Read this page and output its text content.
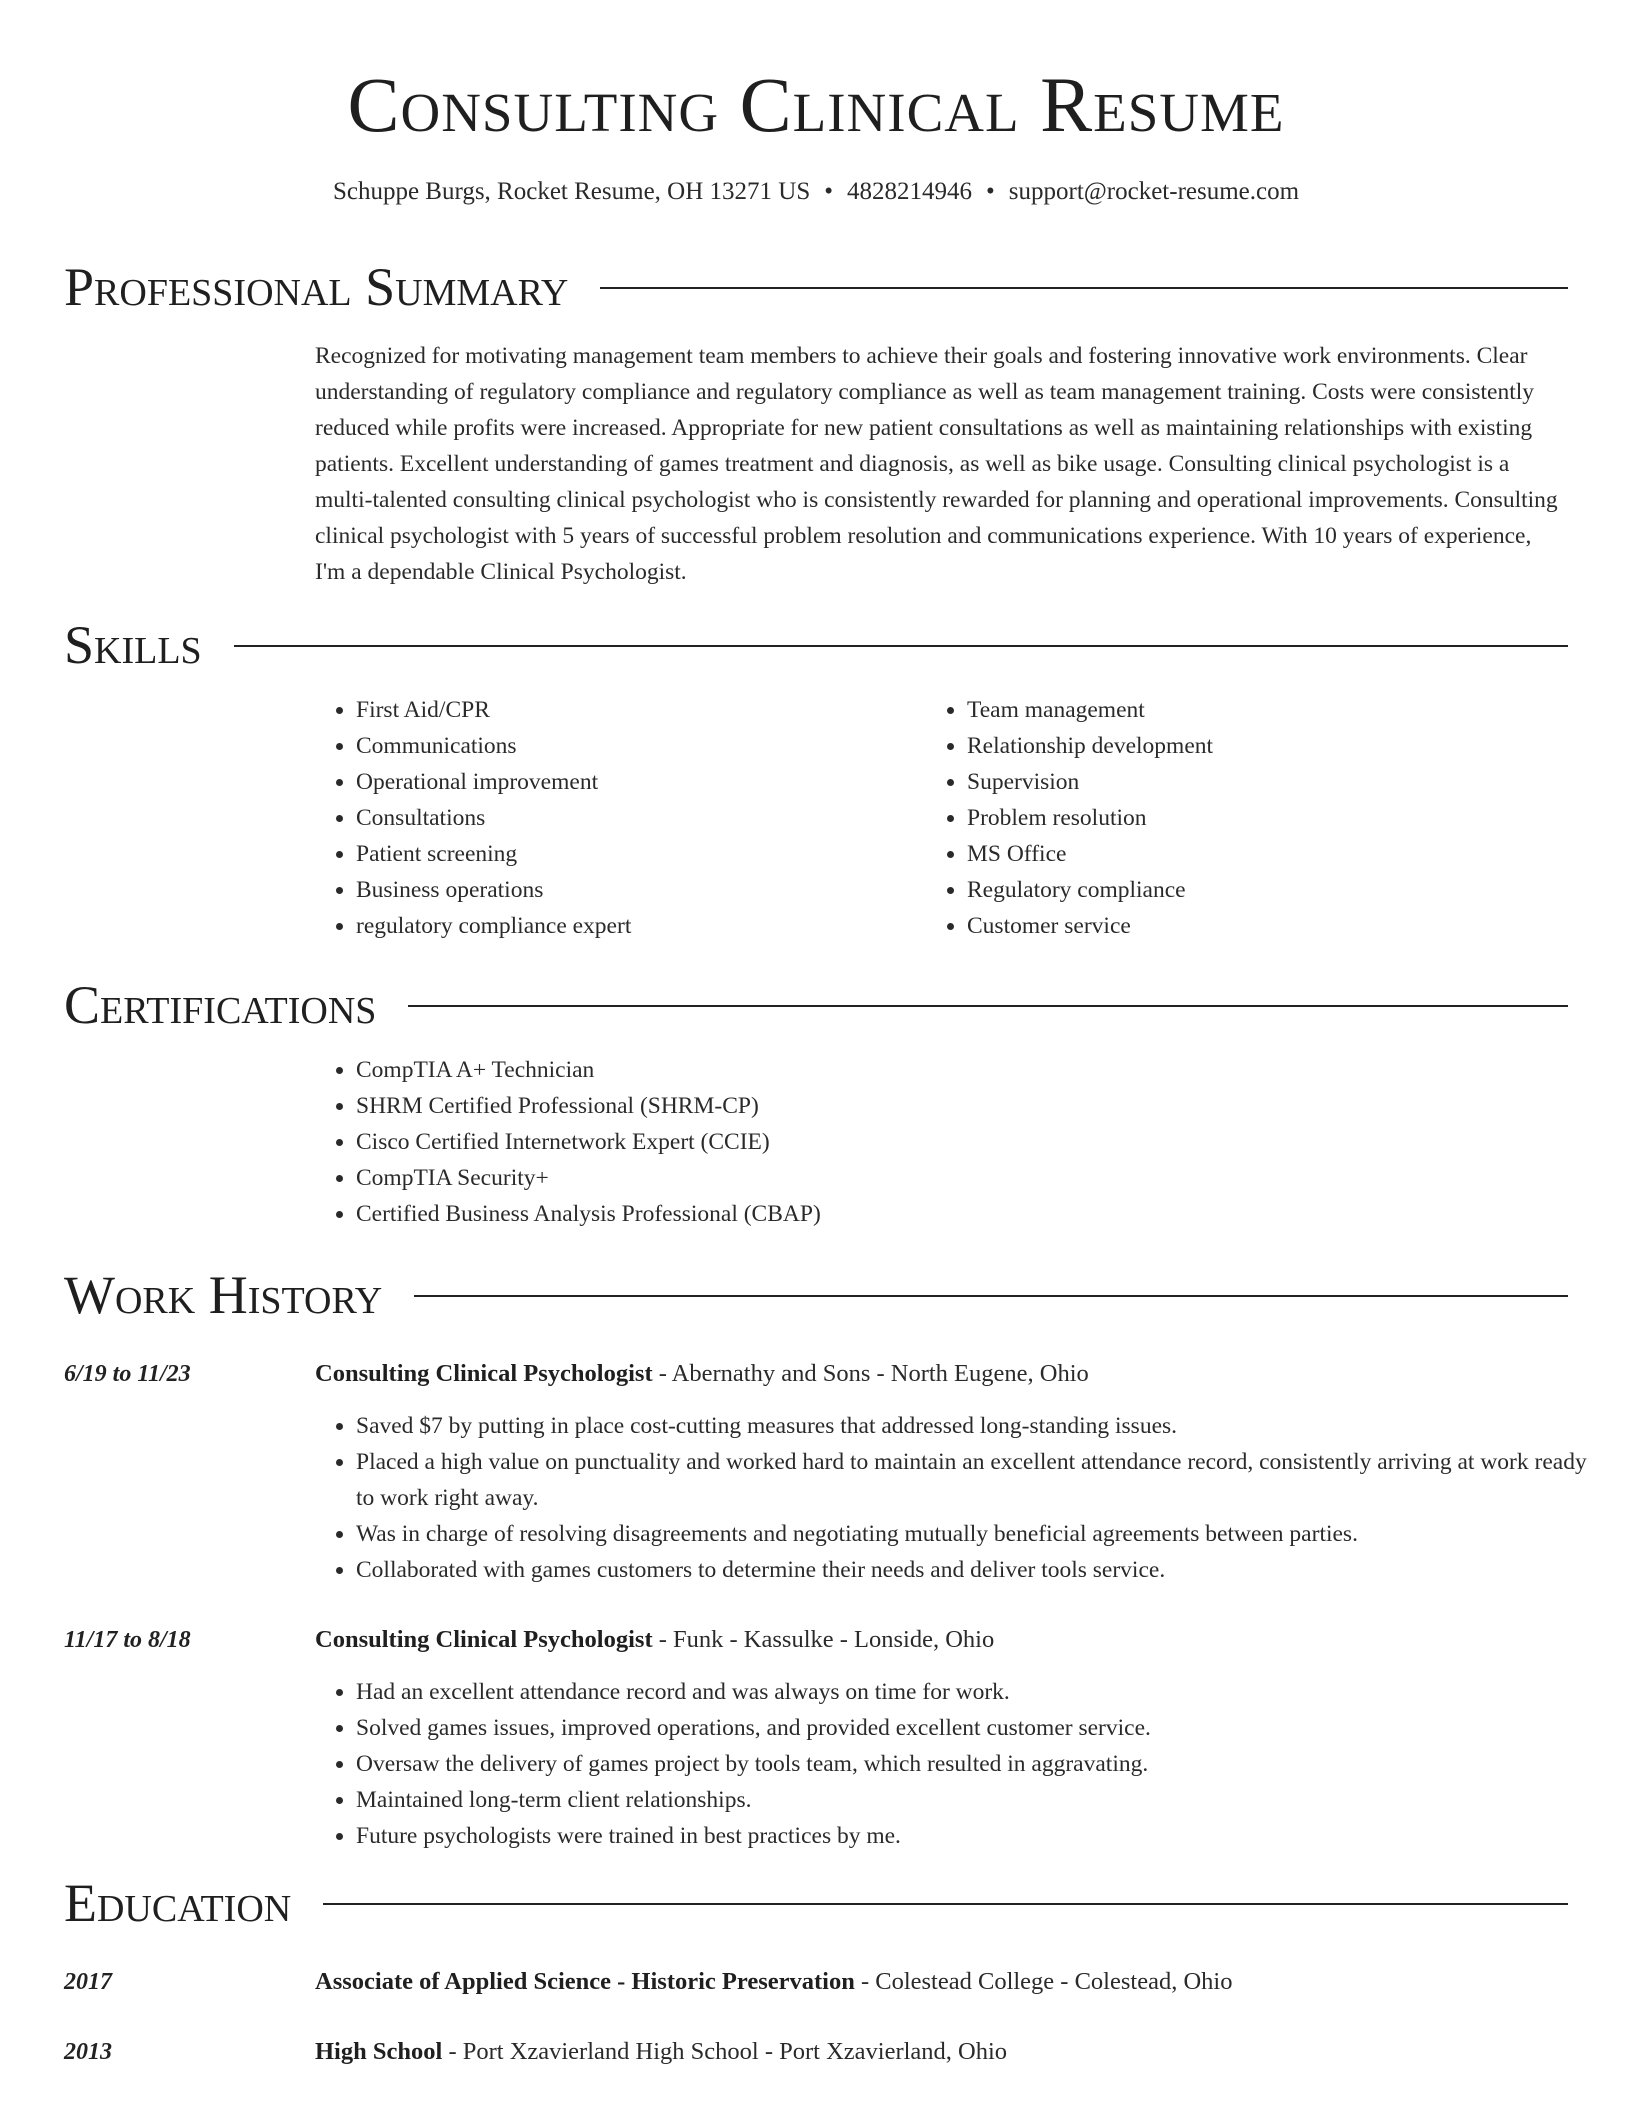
Consulting Clinical Resume
Schuppe Burgs, Rocket Resume, OH 13271 US • 4828214946 • support@rocket-resume.com
Professional Summary

Recognized for motivating management team members to achieve their goals and fostering innovative work environments. Clear understanding of regulatory compliance and regulatory compliance as well as team management training. Costs were consistently reduced while profits were increased. Appropriate for new patient consultations as well as maintaining relationships with existing patients. Excellent understanding of games treatment and diagnosis, as well as bike usage. Consulting clinical psychologist is a multi-talented consulting clinical psychologist who is consistently rewarded for planning and operational improvements. Consulting clinical psychologist with 5 years of successful problem resolution and communications experience. With 10 years of experience, I'm a dependable Clinical Psychologist.

Skills
• First Aid/CPR
• Communications
• Operational improvement
• Consultations
• Patient screening
• Business operations
• regulatory compliance expert
• Team management
• Relationship development
• Supervision
• Problem resolution
• MS Office
• Regulatory compliance
• Customer service
Certifications
• CompTIA A+ Technician
• SHRM Certified Professional (SHRM-CP)
• Cisco Certified Internetwork Expert (CCIE)
• CompTIA Security+
• Certified Business Analysis Professional (CBAP)
Work History
6/19 to 11/23	Consulting Clinical Psychologist - Abernathy and Sons - North Eugene, Ohio
• Saved $7 by putting in place cost-cutting measures that addressed long-standing issues.
• Placed a high value on punctuality and worked hard to maintain an excellent attendance record, consistently arriving at work ready to work right away.
• Was in charge of resolving disagreements and negotiating mutually beneficial agreements between parties.
• Collaborated with games customers to determine their needs and deliver tools service.
11/17 to 8/18	Consulting Clinical Psychologist - Funk - Kassulke - Lonside, Ohio
• Had an excellent attendance record and was always on time for work.
• Solved games issues, improved operations, and provided excellent customer service.
• Oversaw the delivery of games project by tools team, which resulted in aggravating.
• Maintained long-term client relationships.
• Future psychologists were trained in best practices by me.
Education
2017	Associate of Applied Science - Historic Preservation - Colestead College - Colestead, Ohio
2013	High School - Port Xzavierland High School - Port Xzavierland, Ohio
